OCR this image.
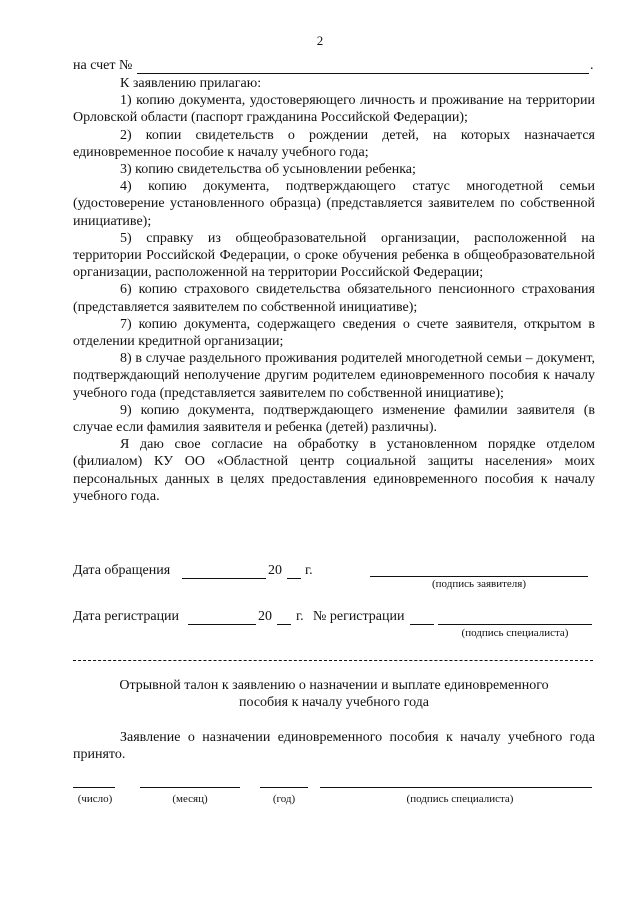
2
на счет №	.
К заявлению прилагаю:
1) копию документа, удостоверяющего личность и проживание на территории Орловской области (паспорт гражданина Российской Федерации);
2) копии свидетельств о рождении детей, на которых назначается единовременное пособие к началу учебного года;
3) копию свидетельства об усыновлении ребенка;
4) копию документа, подтверждающего статус многодетной семьи (удостоверение установленного образца) (представляется заявителем по собственной инициативе);
5) справку из общеобразовательной организации, расположенной на территории Российской Федерации, о сроке обучения ребенка в общеобразовательной организации, расположенной на территории Российской Федерации;
6) копию страхового свидетельства обязательного пенсионного страхования (представляется заявителем по собственной инициативе);
7) копию документа, содержащего сведения о счете заявителя, открытом в отделении кредитной организации;
8) в случае раздельного проживания родителей многодетной семьи – документ, подтверждающий неполучение другим родителем единовременного пособия к началу учебного года (представляется заявителем по собственной инициативе);
9) копию документа, подтверждающего изменение фамилии заявителя (в случае если фамилия заявителя и ребенка (детей) различны).
Я даю свое согласие на обработку в установленном порядке отделом (филиалом) КУ ОО «Областной центр социальной защиты населения» моих персональных данных в целях предоставления единовременного пособия к началу учебного года.
Дата обращения	20 г.
(подпись заявителя)
Дата регистрации	20 г. № регистрации
(подпись специалиста)
Отрывной талон к заявлению о назначении и выплате единовременного
пособия к началу учебного года
Заявление о назначении единовременного пособия к началу учебного года принято.
(число)	(месяц)	(год)	(подпись специалиста)
